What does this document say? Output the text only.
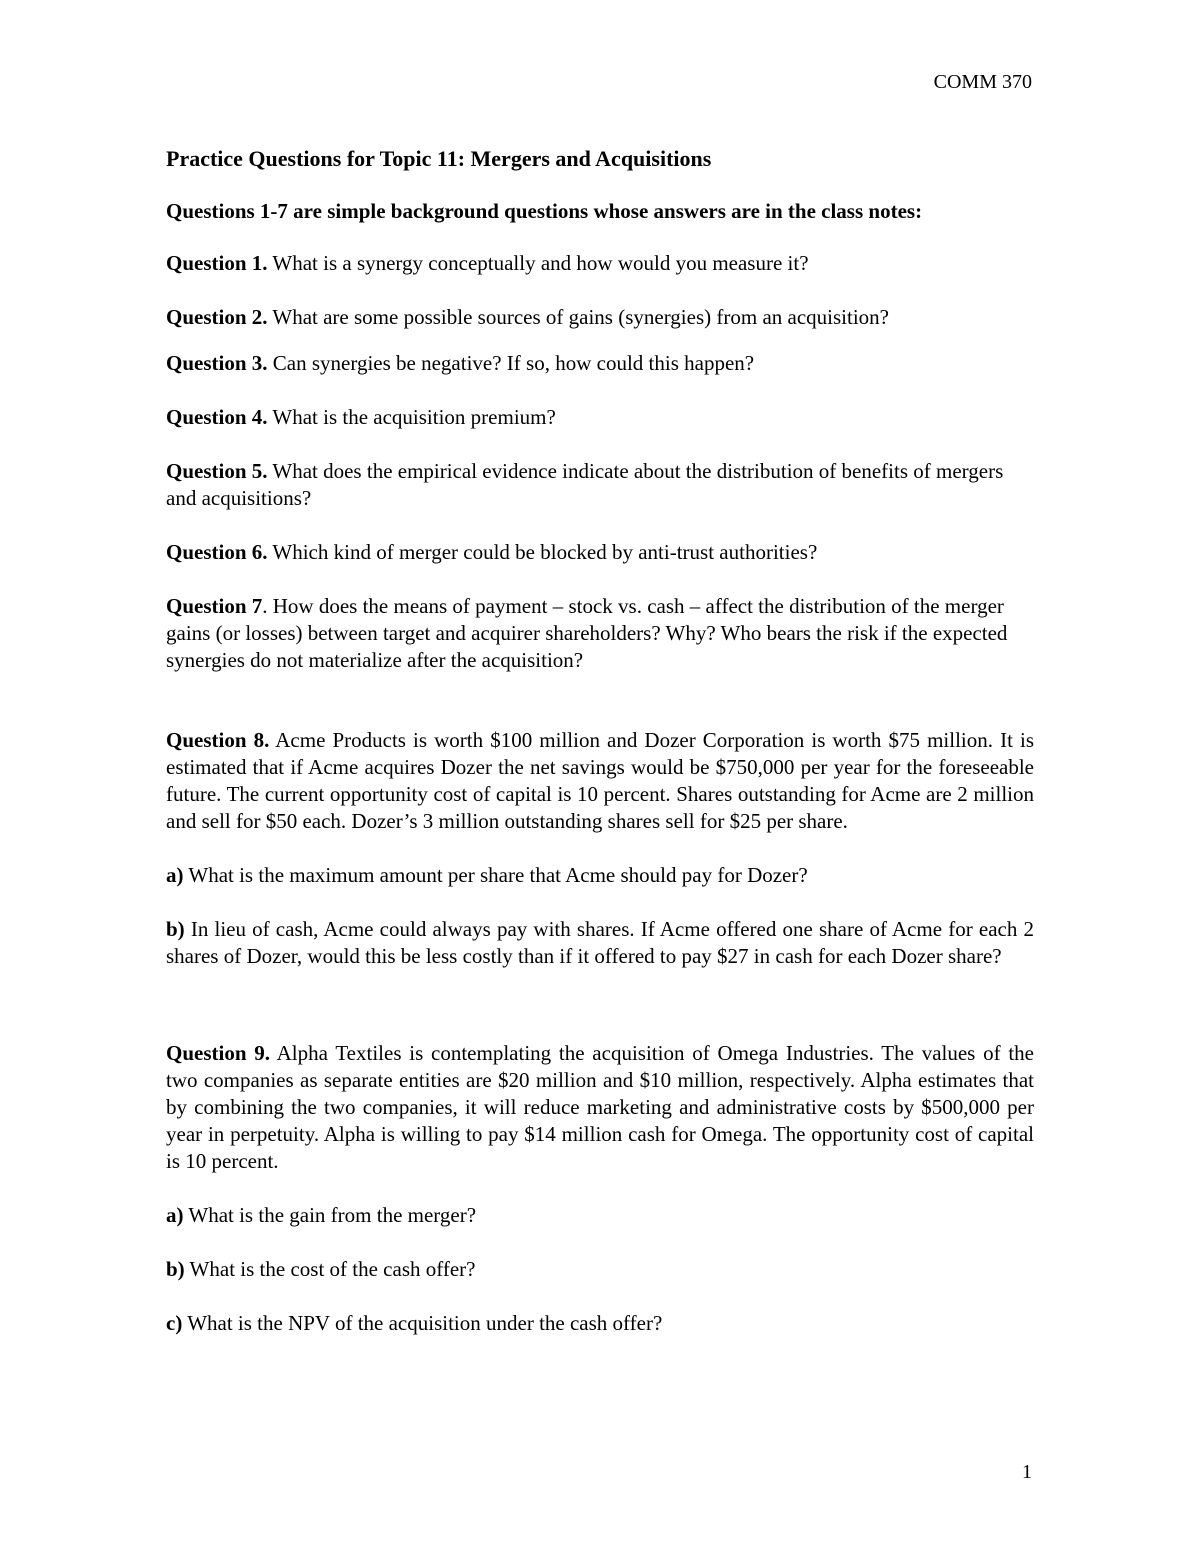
COMM 370
Practice Questions for Topic 11: Mergers and Acquisitions
Questions 1-7 are simple background questions whose answers are in the class notes:

Question 1. What is a synergy conceptually and how would you measure it?

Question 2. What are some possible sources of gains (synergies) from an acquisition?

Question 3. Can synergies be negative? If so, how could this happen?

Question 4. What is the acquisition premium?

Question 5. What does the empirical evidence indicate about the distribution of benefits of mergers and acquisitions?

Question 6. Which kind of merger could be blocked by anti-trust authorities?

Question 7. How does the means of payment – stock vs. cash – affect the distribution of the merger gains (or losses) between target and acquirer shareholders? Why? Who bears the risk if the expected synergies do not materialize after the acquisition?

Question 8. Acme Products is worth $100 million and Dozer Corporation is worth $75 million. It is estimated that if Acme acquires Dozer the net savings would be $750,000 per year for the foreseeable future. The current opportunity cost of capital is 10 percent. Shares outstanding for Acme are 2 million and sell for $50 each. Dozer’s 3 million outstanding shares sell for $25 per share.

a) What is the maximum amount per share that Acme should pay for Dozer?

b) In lieu of cash, Acme could always pay with shares. If Acme offered one share of Acme for each 2 shares of Dozer, would this be less costly than if it offered to pay $27 in cash for each Dozer share?

Question 9. Alpha Textiles is contemplating the acquisition of Omega Industries. The values of the two companies as separate entities are $20 million and $10 million, respectively. Alpha estimates that by combining the two companies, it will reduce marketing and administrative costs by $500,000 per year in perpetuity. Alpha is willing to pay $14 million cash for Omega. The opportunity cost of capital is 10 percent.

a) What is the gain from the merger?

b) What is the cost of the cash offer?

c) What is the NPV of the acquisition under the cash offer?

1
